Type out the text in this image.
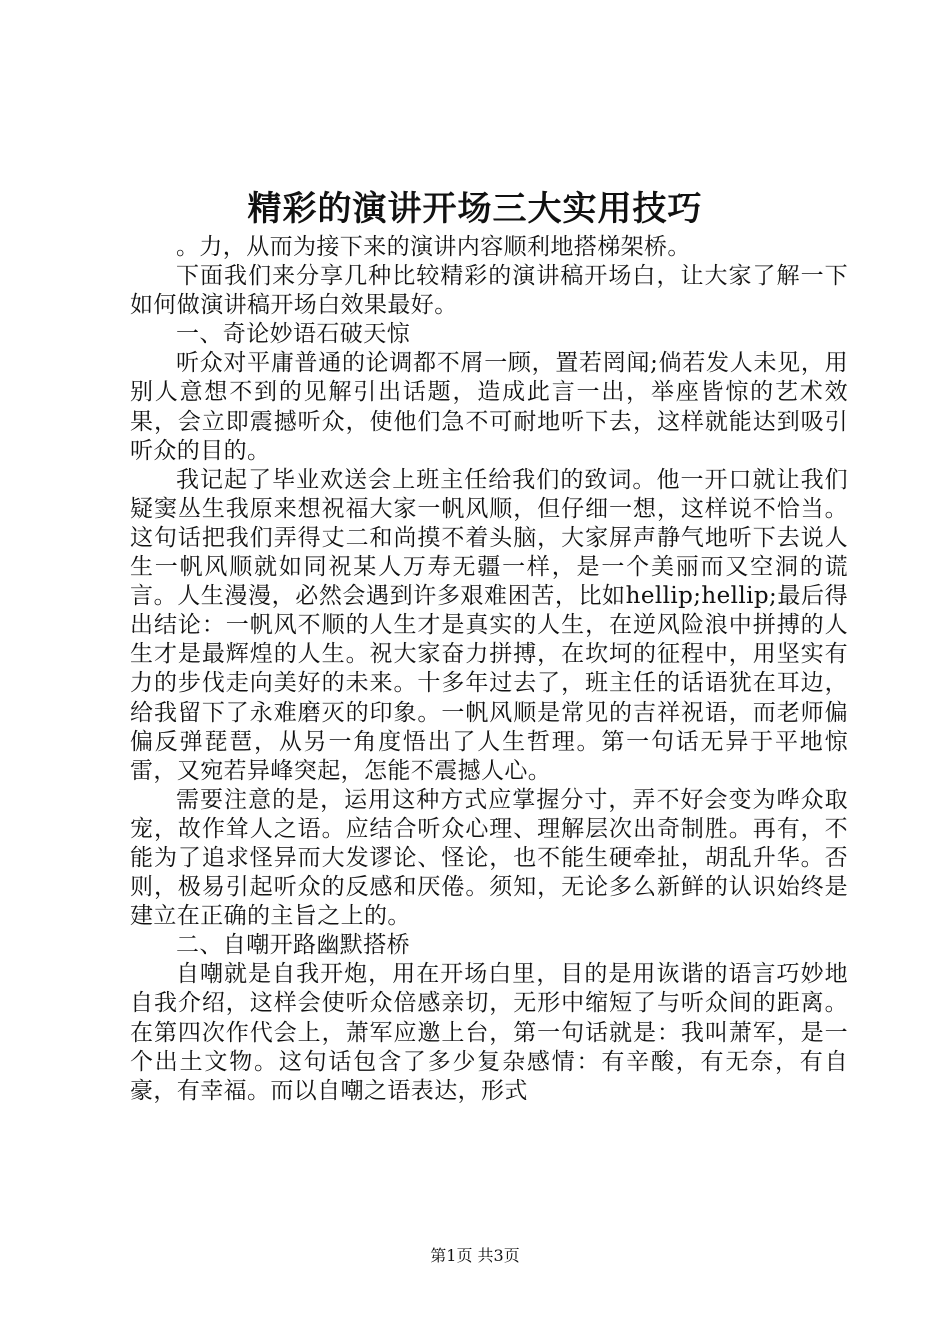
精彩的演讲开场三大实用技巧

。力，从而为接下来的演讲内容顺利地搭梯架桥。

下面我们来分享几种比较精彩的演讲稿开场白，让大家了解一下如何做演讲稿开场白效果最好。

一、奇论妙语石破天惊

听众对平庸普通的论调都不屑一顾，置若罔闻;倘若发人未见，用别人意想不到的见解引出话题，造成此言一出，举座皆惊的艺术效果，会立即震撼听众，使他们急不可耐地听下去，这样就能达到吸引听众的目的。

我记起了毕业欢送会上班主任给我们的致词。他一开口就让我们疑窦丛生我原来想祝福大家一帆风顺，但仔细一想，这样说不恰当。这句话把我们弄得丈二和尚摸不着头脑，大家屏声静气地听下去说人生一帆风顺就如同祝某人万寿无疆一样，是一个美丽而又空洞的谎言。人生漫漫，必然会遇到许多艰难困苦，比如hellip;hellip;最后得出结论：一帆风不顺的人生才是真实的人生，在逆风险浪中拼搏的人生才是最辉煌的人生。祝大家奋力拼搏，在坎坷的征程中，用坚实有力的步伐走向美好的未来。十多年过去了，班主任的话语犹在耳边，给我留下了永难磨灭的印象。一帆风顺是常见的吉祥祝语，而老师偏偏反弹琵琶，从另一角度悟出了人生哲理。第一句话无异于平地惊雷，又宛若异峰突起，怎能不震撼人心。

需要注意的是，运用这种方式应掌握分寸，弄不好会变为哗众取宠，故作耸人之语。应结合听众心理、理解层次出奇制胜。再有，不能为了追求怪异而大发谬论、怪论，也不能生硬牵扯，胡乱升华。否则，极易引起听众的反感和厌倦。须知，无论多么新鲜的认识始终是建立在正确的主旨之上的。

二、自嘲开路幽默搭桥

自嘲就是自我开炮，用在开场白里，目的是用诙谐的语言巧妙地自我介绍，这样会使听众倍感亲切，无形中缩短了与听众间的距离。在第四次作代会上，萧军应邀上台，第一句话就是：我叫萧军，是一个出土文物。这句话包含了多少复杂感情：有辛酸，有无奈，有自豪，有幸福。而以自嘲之语表达，形式

第1页 共3页
